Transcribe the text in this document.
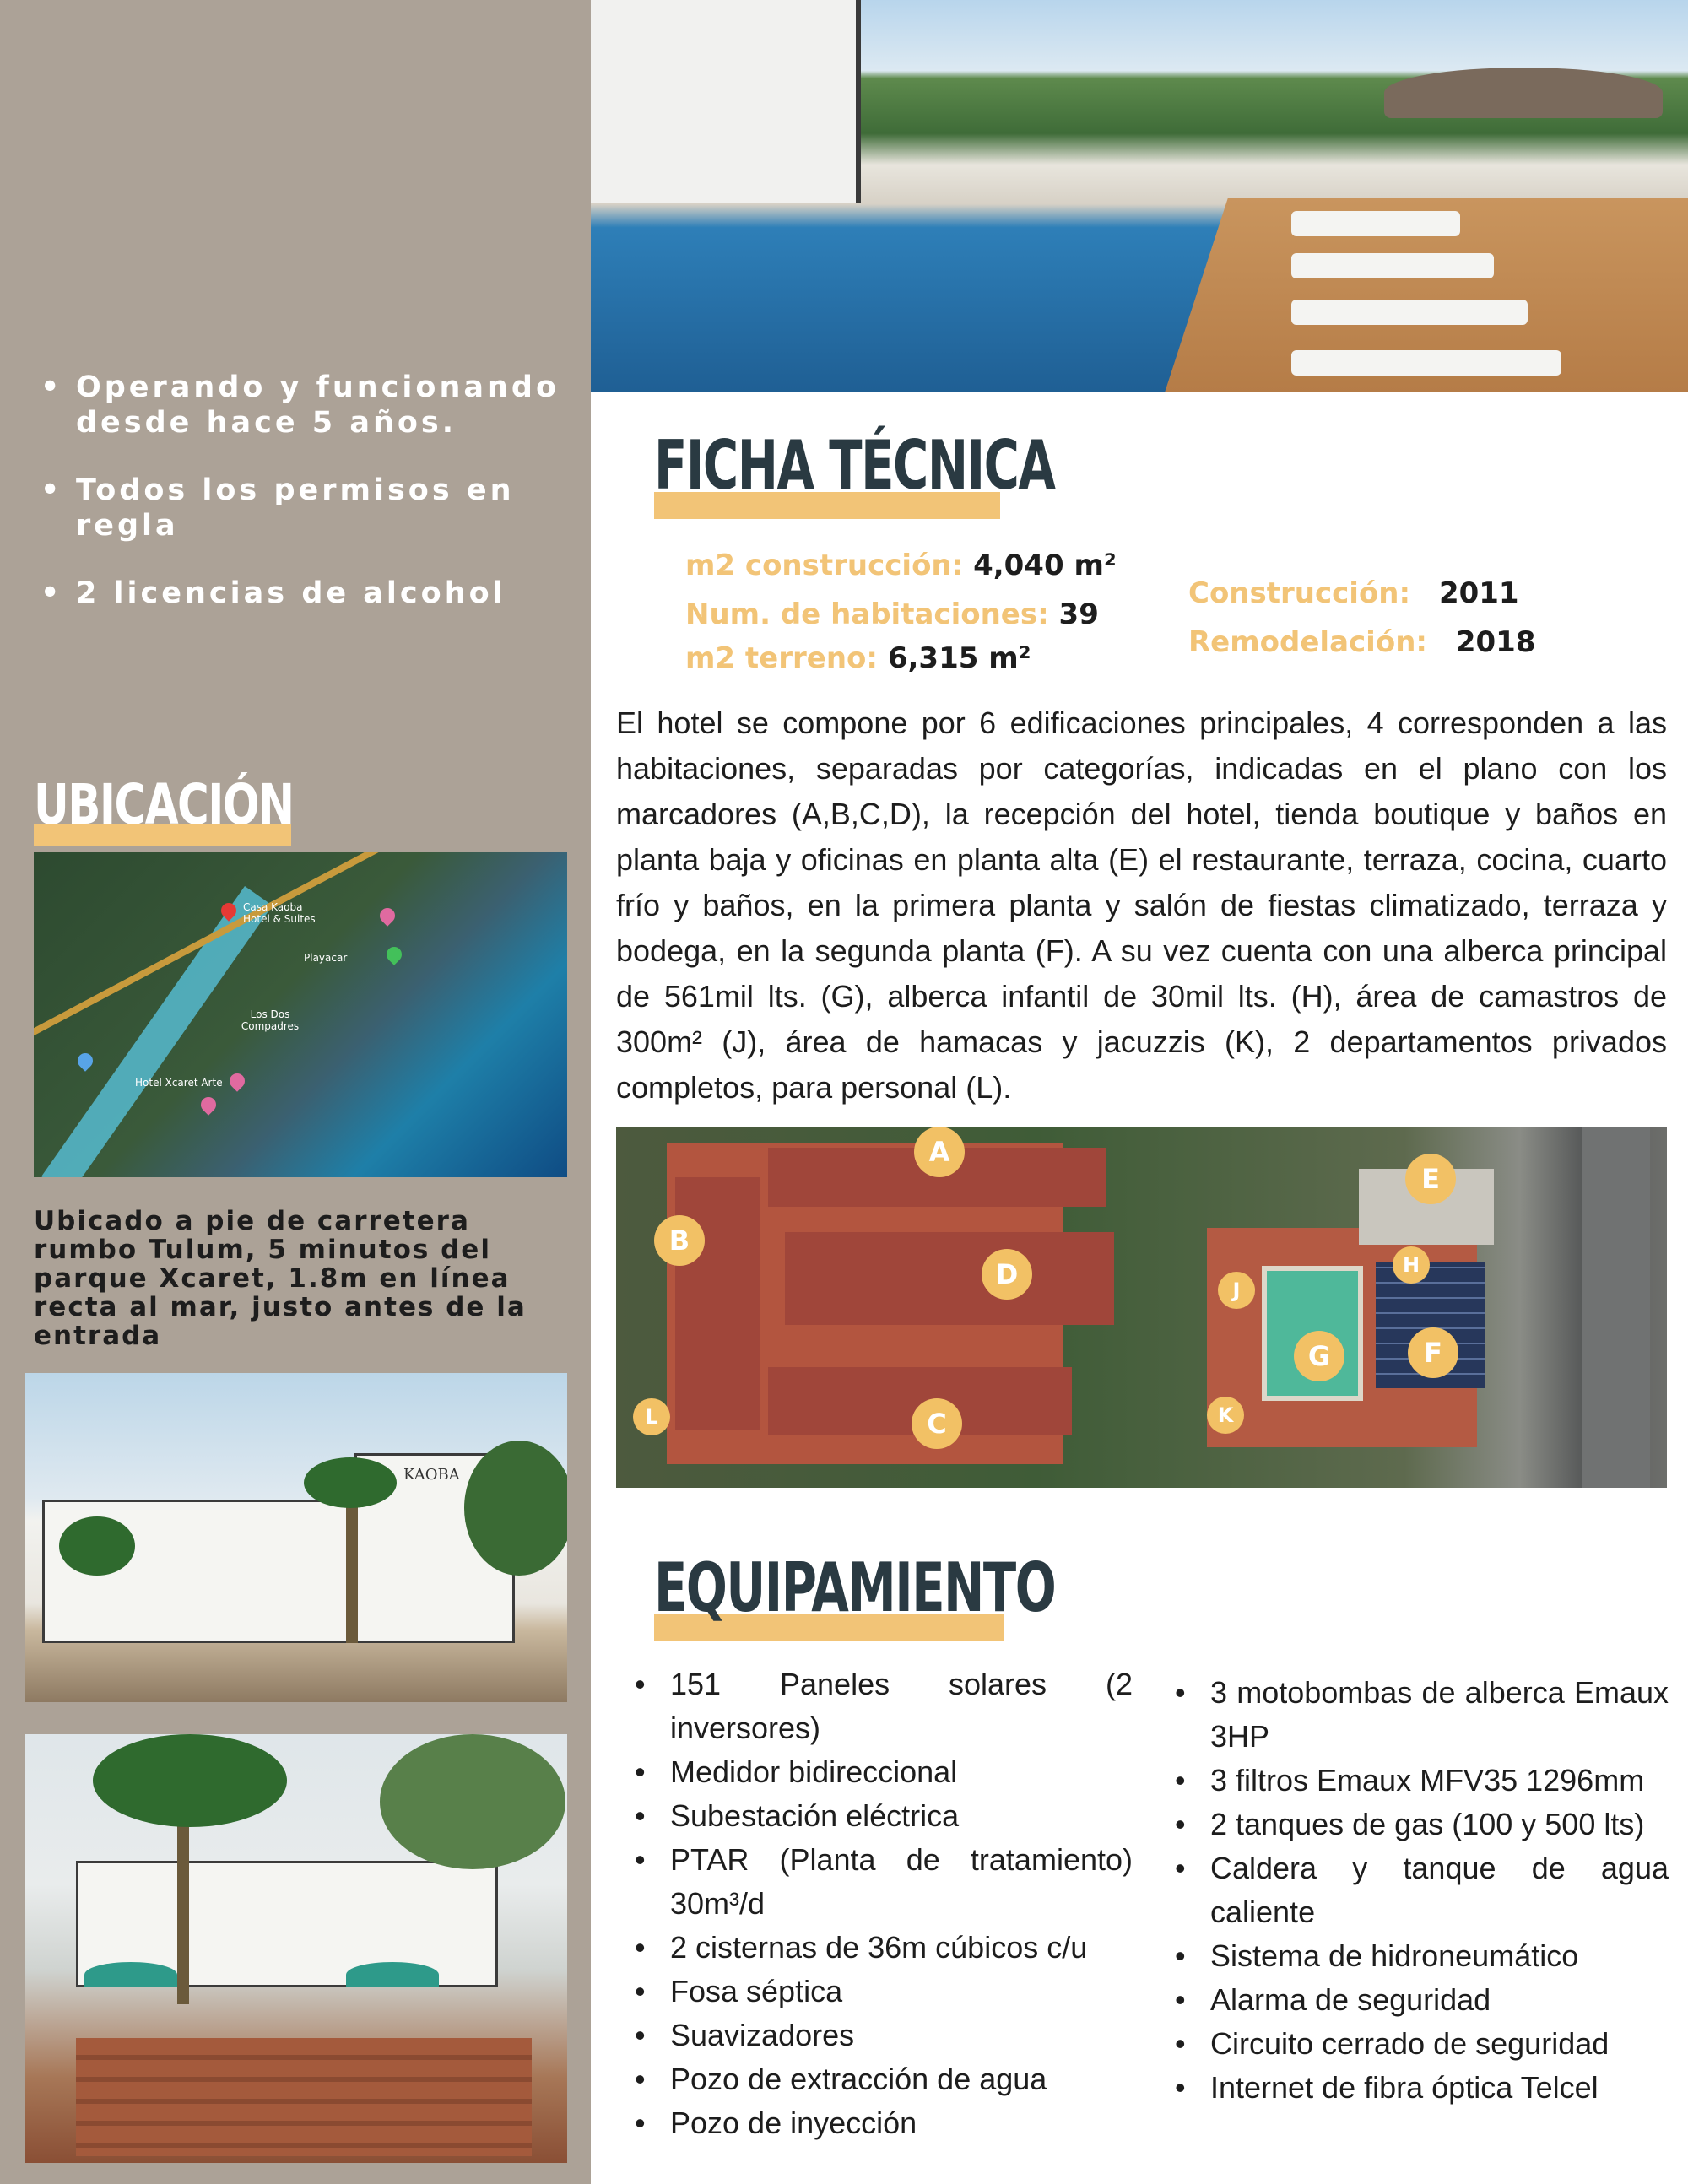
• Operando y funcionando desde hace 5 años.
• Todos los permisos en regla
• 2 licencias de alcohol
UBICACIÓN
Casa Kaoba Hotel & Suites
Playacar
Los Dos Compadres
Hotel Xcaret Arte
Ubicado a pie de carretera rumbo Tulum, 5 minutos del parque Xcaret, 1.8m en línea recta al mar, justo antes de la entrada
KAOBA
FICHA TÉCNICA
m2 construcción: 4,040 m²
Num. de habitaciones: 39
m2 terreno: 6,315 m²
Construcción: 2011
Remodelación: 2018

El hotel se compone por 6 edificaciones principales, 4 corresponden a las habitaciones, separadas por categorías, indicadas en el plano con los marcadores (A,B,C,D), la recepción del hotel, tienda boutique y baños en planta baja y oficinas en planta alta (E) el restaurante, terraza, cocina, cuarto frío y baños, en la primera planta y salón de fiestas climatizado, terraza y bodega, en la segunda planta (F). A su vez cuenta con una alberca principal de 561mil lts. (G), alberca infantil de 30mil lts. (H), área de camastros de 300m² (J), área de hamacas y jacuzzis (K), 2 departamentos privados completos, para personal (L).

A
B
C
D
E
F
G
H
J
K
L
EQUIPAMIENTO
• 151 Paneles solares (2 inversores)
• Medidor bidireccional
• Subestación eléctrica
• PTAR (Planta de tratamiento) 30m³/d
• 2 cisternas de 36m cúbicos c/u
• Fosa séptica
• Suavizadores
• Pozo de extracción de agua
• Pozo de inyección
• 3 motobombas de alberca Emaux 3HP
• 3 filtros Emaux MFV35 1296mm
• 2 tanques de gas (100 y 500 lts)
• Caldera y tanque de agua caliente
• Sistema de hidroneumático
• Alarma de seguridad
• Circuito cerrado de seguridad
• Internet de fibra óptica Telcel
